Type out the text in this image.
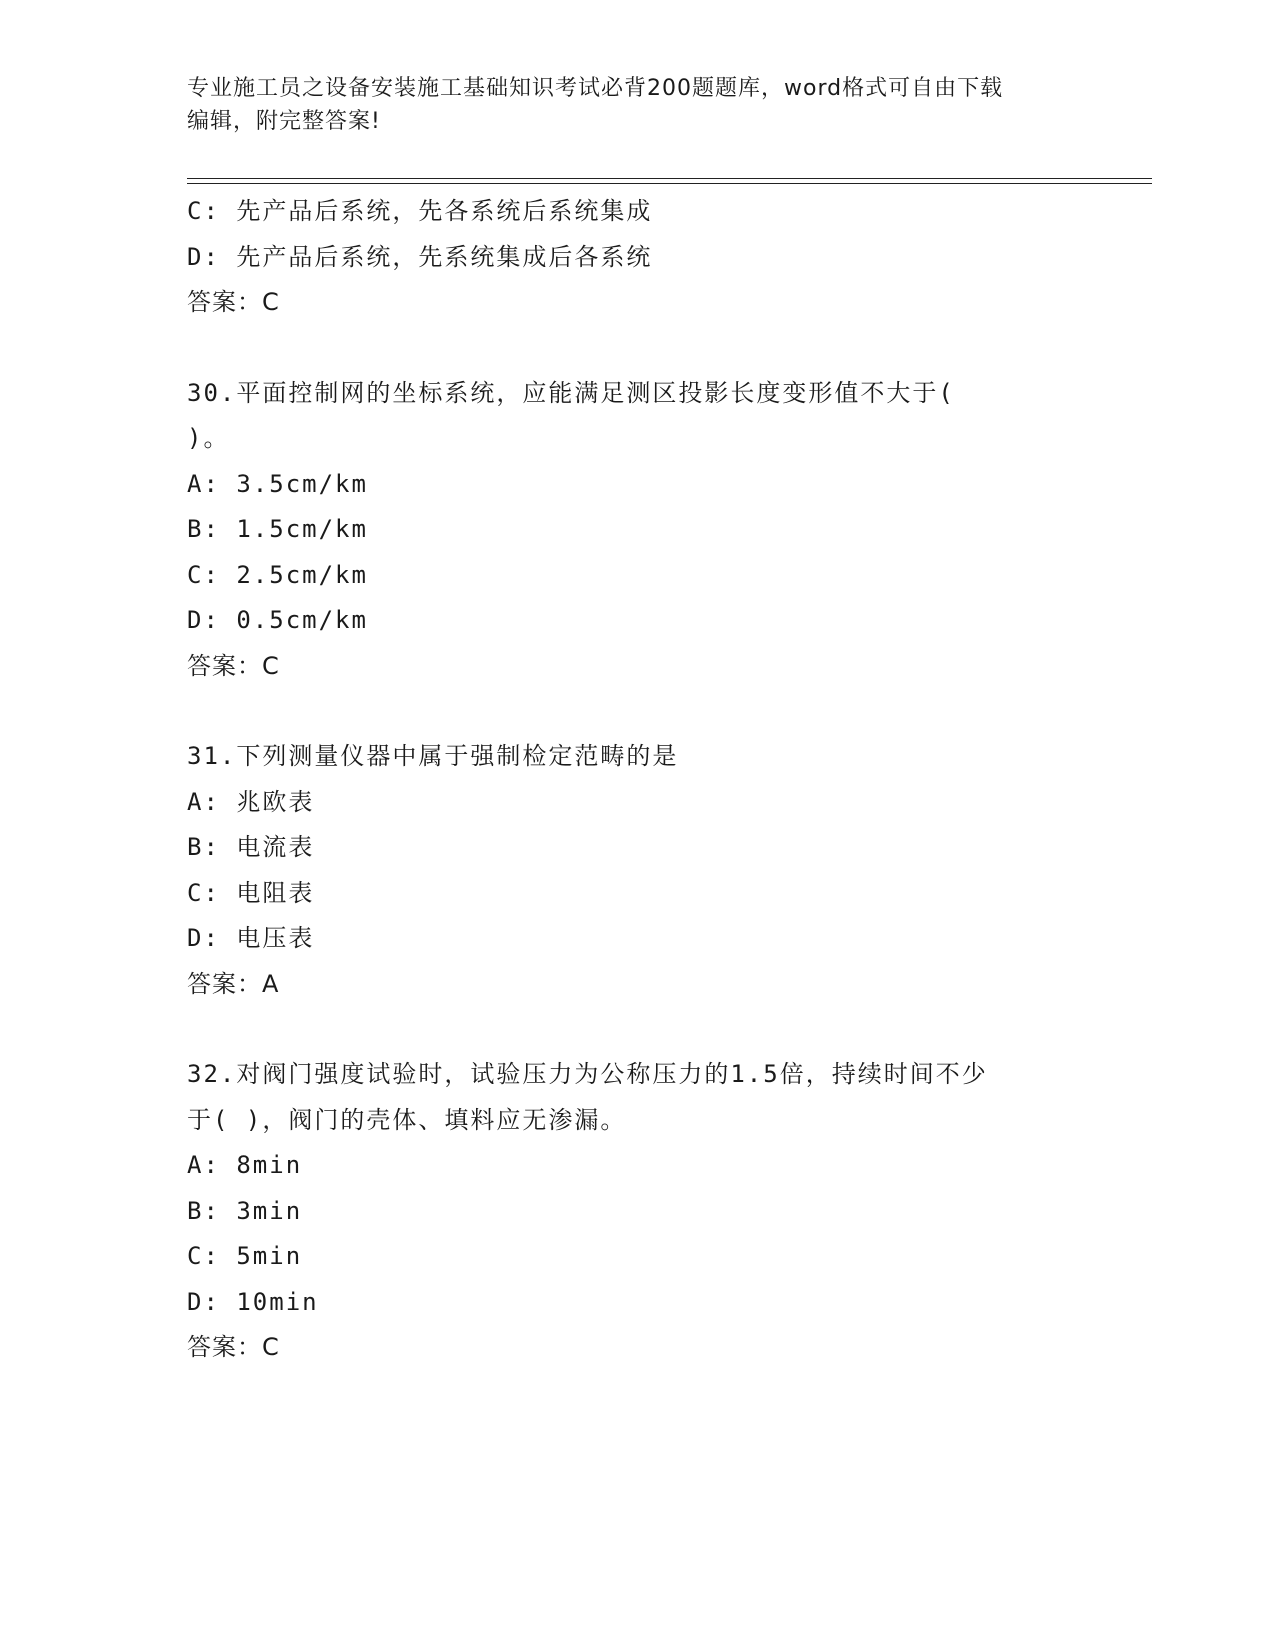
专业施工员之设备安装施工基础知识考试必背200题题库，word格式可自由下载
编辑，附完整答案!
C: 先产品后系统，先各系统后系统集成
D: 先产品后系统，先系统集成后各系统
答案：C
30.平面控制网的坐标系统，应能满足测区投影长度变形值不大于(
)。
A: 3.5cm/km
B: 1.5cm/km
C: 2.5cm/km
D: 0.5cm/km
答案：C
31.下列测量仪器中属于强制检定范畴的是
A: 兆欧表
B: 电流表
C: 电阻表
D: 电压表
答案：A
32.对阀门强度试验时，试验压力为公称压力的1.5倍，持续时间不少
于( )，阀门的壳体、填料应无渗漏。
A: 8min
B: 3min
C: 5min
D: 10min
答案：C
